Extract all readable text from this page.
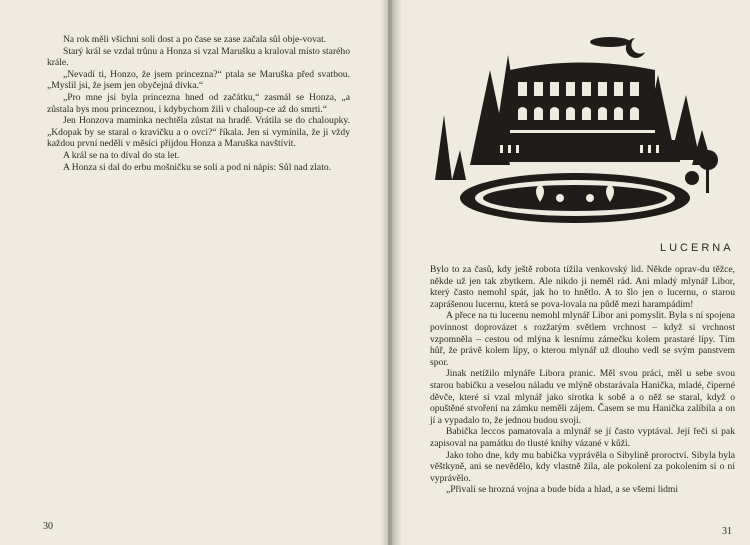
Na rok měli všichni soli dost a po čase se zase začala sůl obje-vovat.

Starý král se vzdal trůnu a Honza si vzal Marušku a kraloval místo starého krále.

„Nevadí ti, Honzo, že jsem princezna?“ ptala se Maruška před svatbou. „Myslil jsi, že jsem jen obyčejná dívka.“

„Pro mne jsi byla princezna hned od začátku,“ zasmál se Honza, „a zůstala bys mou princeznou, i kdybychom žili v chaloup-ce až do smrti.“

Jen Honzova maminka nechtěla zůstat na hradě. Vrátila se do chaloupky. „Kdopak by se staral o kravičku a o ovci?“ říkala. Jen si vymínila, že ji vždy každou první neděli v měsíci přijdou Honza a Maruška navštívit.

A král se na to díval do sta let.

A Honza si dal do erbu mošničku se solí a pod ni nápis: Sůl nad zlato.

30
LUCERNA

Bylo to za časů, kdy ještě robota tížila venkovský lid. Někde oprav-du těžce, někde už jen tak zbytkem. Ale nikdo ji neměl rád. Ani mladý mlynář Libor, který často nemohl spát, jak ho to hnětlo. A to šlo jen o lucernu, o starou zaprášenou lucernu, která se pova-lovala na půdě mezi harampádím!

A přece na tu lucernu nemohl mlynář Libor ani pomyslit. Byla s ní spojena povinnost doprovázet s rozžatým světlem vrchnost – když si vrchnost vzpomněla – cestou od mlýna k lesnímu zámečku kolem prastaré lípy. Tím hůř, že právě kolem lípy, o kterou mlynář už dlouho vedl se svým panstvem spor.

Jinak netížilo mlynáře Libora pranic. Měl svou práci, měl u sebe svou starou babičku a veselou náladu ve mlýně obstarávala Hanička, mladé, čiperné děvče, které si vzal mlynář jako sirotka k sobě a o něž se staral, když o opuštěné stvoření na zámku neměli zájem. Časem se mu Hanička zalíbila a on jí a vypadalo to, že jednou budou svoji.

Babička leccos pamatovala a mlynář se jí často vyptával. Její řeči si pak zapisoval na památku do tlusté knihy vázané v kůži.

Jako toho dne, kdy mu babička vyprávěla o Sibylině proroctví. Sibyla byla věštkyně, ani se nevědělo, kdy vlastně žila, ale pokolení za pokolením si o ní vyprávělo.

„Přivalí se hrozná vojna a bude bída a hlad, a se všemi lidmi

31
